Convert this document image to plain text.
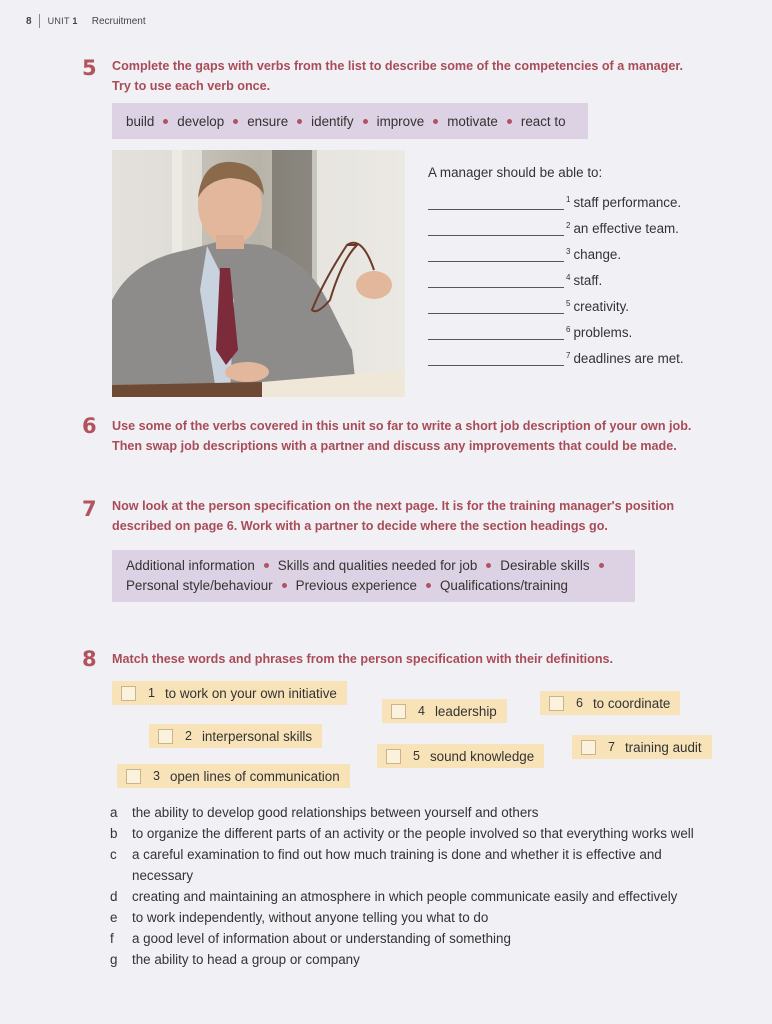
8 UNIT 1 Recruitment
5 Complete the gaps with verbs from the list to describe some of the competencies of a manager.
Try to use each verb once.
build develop ensure identify improve motivate react to
A manager should be able to:
1 staff performance.
2 an effective team.
3 change.
4 staff.
5 creativity.
6 problems.
7 deadlines are met.
6 Use some of the verbs covered in this unit so far to write a short job description of your own job.
Then swap job descriptions with a partner and discuss any improvements that could be made.
7 Now look at the person specification on the next page. It is for the training manager's position
described on page 6. Work with a partner to decide where the section headings go.
Additional information Skills and qualities needed for job Desirable skills
Personal style/behaviour Previous experience Qualifications/training
8 Match these words and phrases from the person specification with their definitions.
1 to work on your own initiative
2 interpersonal skills
3 open lines of communication
4 leadership
5 sound knowledge
6 to coordinate
7 training audit
a	the ability to develop good relationships between yourself and others
b	to organize the different parts of an activity or the people involved so that everything works well
c	a careful examination to find out how much training is done and whether it is effective and
necessary
d	creating and maintaining an atmosphere in which people communicate easily and effectively
e	to work independently, without anyone telling you what to do
f	a good level of information about or understanding of something
g	the ability to head a group or company
